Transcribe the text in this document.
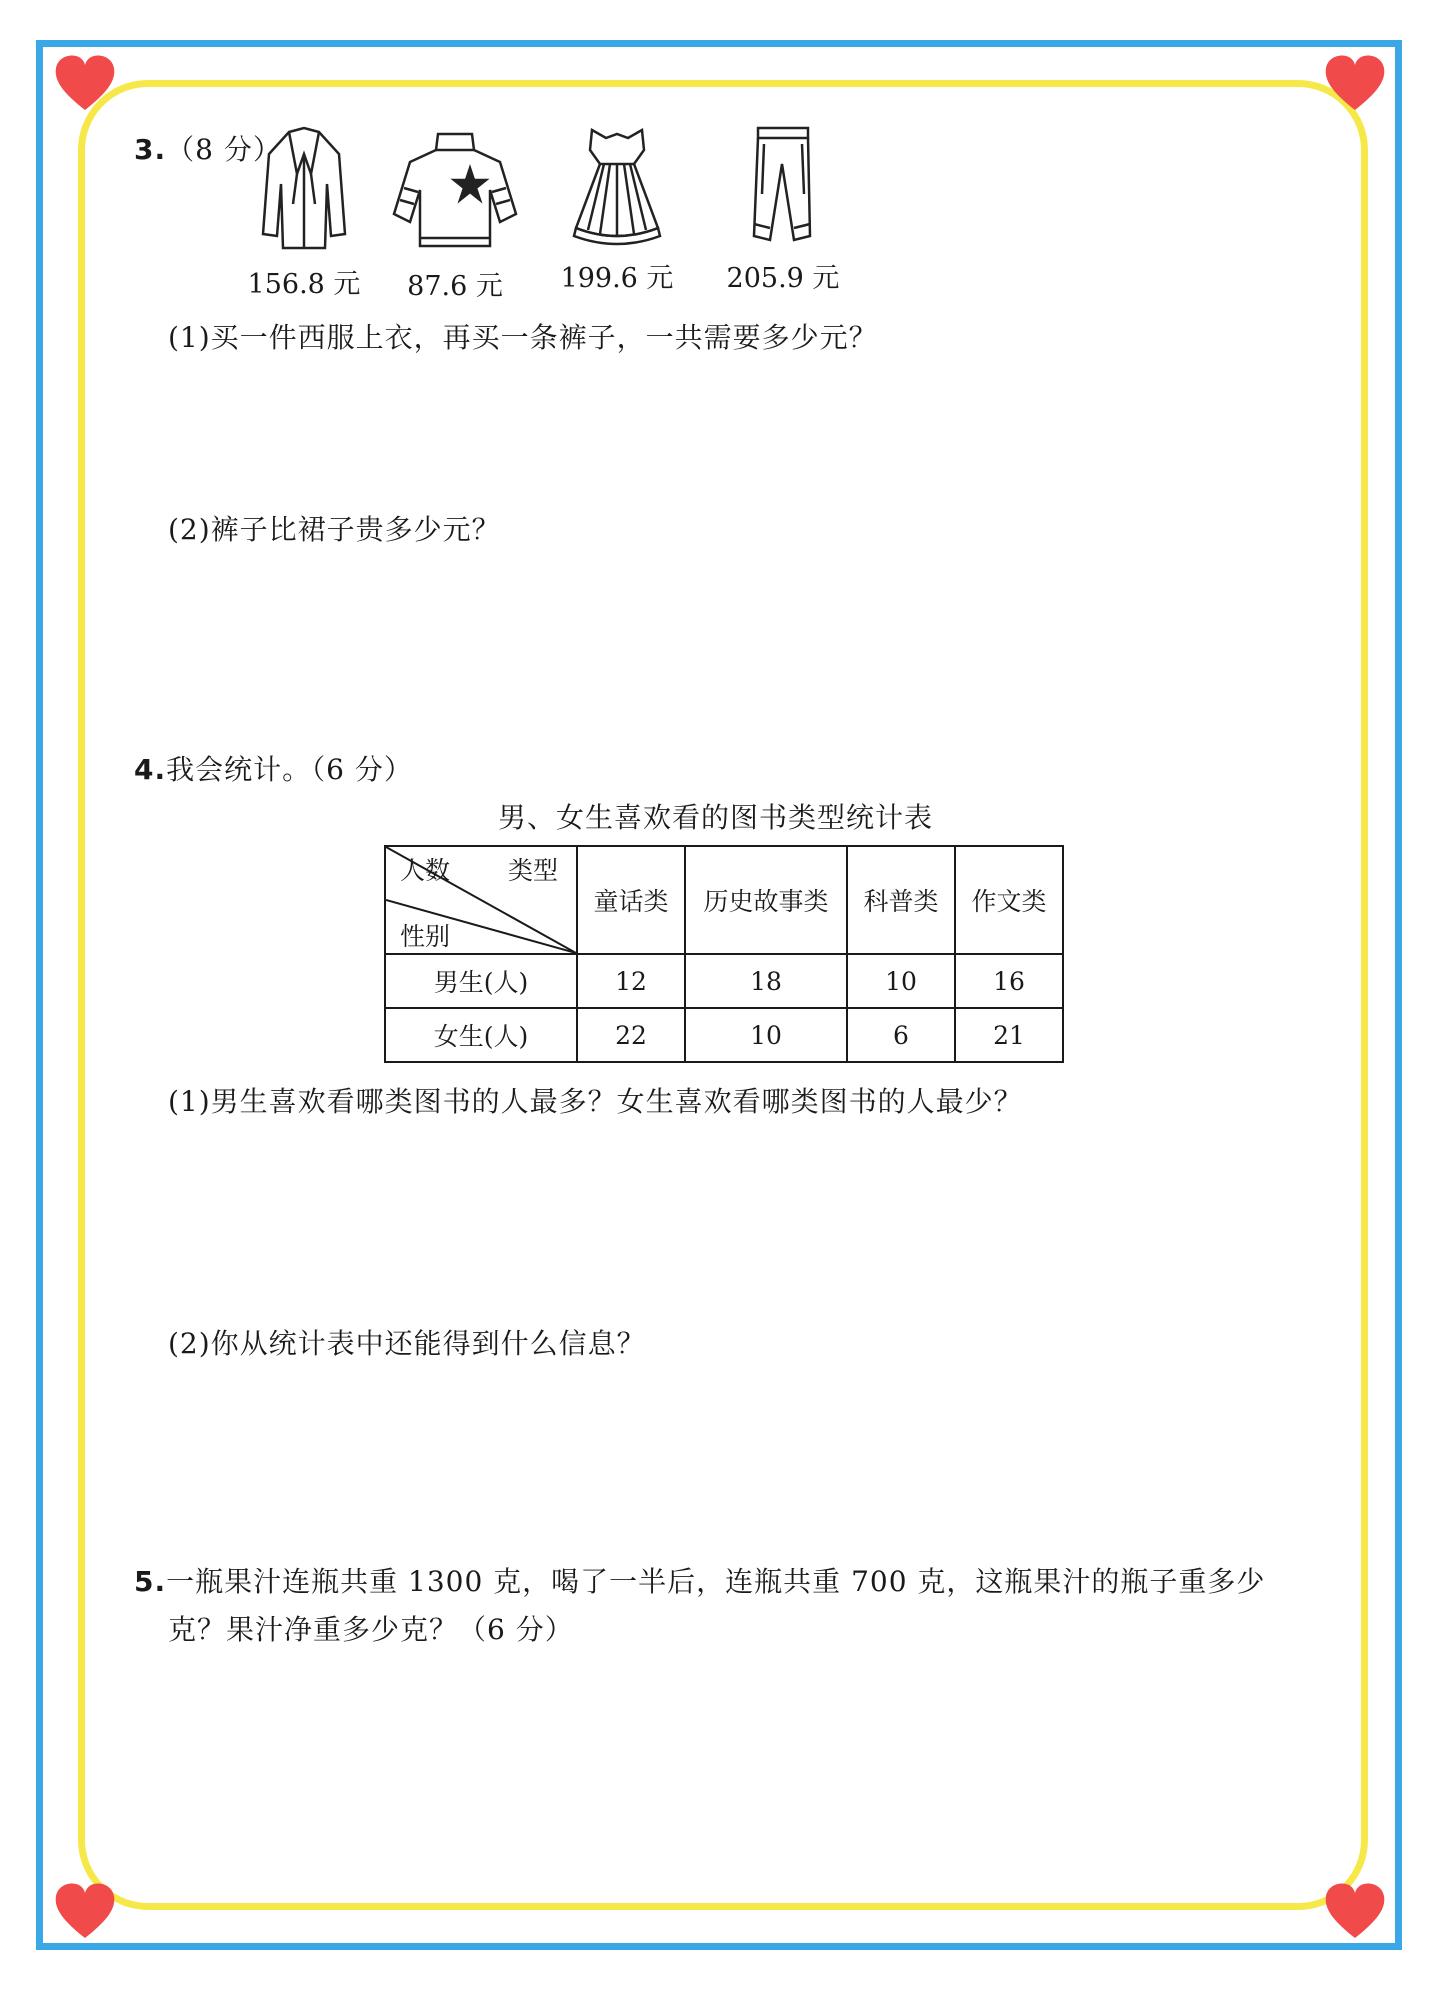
3.（8 分）
156.8 元	87.6 元	199.6 元	205.9 元
(1)买一件西服上衣，再买一条裤子，一共需要多少元？
(2)裤子比裙子贵多少元？
4.我会统计。（6 分）
男、女生喜欢看的图书类型统计表
人数 类型
性别	童话类	历史故事类	科普类	作文类
男生(人)	12	18	10	16
女生(人)	22	10	6	21
(1)男生喜欢看哪类图书的人最多？女生喜欢看哪类图书的人最少？
(2)你从统计表中还能得到什么信息？
5.一瓶果汁连瓶共重 1300 克，喝了一半后，连瓶共重 700 克，这瓶果汁的瓶子重多少
克？果汁净重多少克？（6 分）
